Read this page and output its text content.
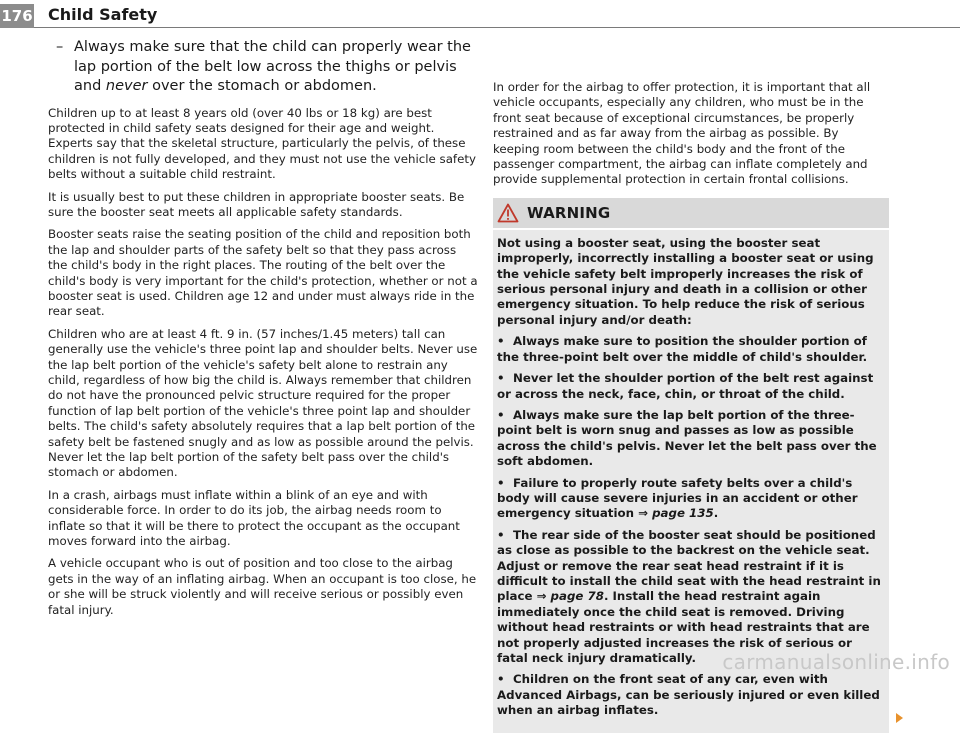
176 Child Safety
– Always make sure that the child can properly wear the lap portion of the belt low across the thighs or pelvis and never over the stomach or abdomen.

Children up to at least 8 years old (over 40 lbs or 18 kg) are best protected in child safety seats designed for their age and weight. Experts say that the skeletal structure, particularly the pelvis, of these children is not fully developed, and they must not use the vehicle safety belts without a suitable child restraint.

It is usually best to put these children in appropriate booster seats. Be sure the booster seat meets all applicable safety standards.

Booster seats raise the seating position of the child and reposition both the lap and shoulder parts of the safety belt so that they pass across the child's body in the right places. The routing of the belt over the child's body is very important for the child's protection, whether or not a booster seat is used. Children age 12 and under must always ride in the rear seat.

Children who are at least 4 ft. 9 in. (57 inches/1.45 meters) tall can generally use the vehicle's three point lap and shoulder belts. Never use the lap belt portion of the vehicle's safety belt alone to restrain any child, regardless of how big the child is. Always remember that children do not have the pronounced pelvic structure required for the proper function of lap belt portion of the vehicle's three point lap and shoulder belts. The child's safety absolutely requires that a lap belt portion of the safety belt be fastened snugly and as low as possible around the pelvis. Never let the lap belt portion of the safety belt pass over the child's stomach or abdomen.

In a crash, airbags must inflate within a blink of an eye and with considerable force. In order to do its job, the airbag needs room to inflate so that it will be there to protect the occupant as the occupant moves forward into the airbag.

A vehicle occupant who is out of position and too close to the airbag gets in the way of an inflating airbag. When an occupant is too close, he or she will be struck violently and will receive serious or possibly even fatal injury.

In order for the airbag to offer protection, it is important that all vehicle occupants, especially any children, who must be in the front seat because of exceptional circumstances, be properly restrained and as far away from the airbag as possible. By keeping room between the child's body and the front of the passenger compartment, the airbag can inflate completely and provide supplemental protection in certain frontal collisions.

WARNING

Not using a booster seat, using the booster seat improperly, incorrectly installing a booster seat or using the vehicle safety belt improperly increases the risk of serious personal injury and death in a collision or other emergency situation. To help reduce the risk of serious personal injury and/or death:

• Always make sure to position the shoulder portion of the three-point belt over the middle of child's shoulder.

• Never let the shoulder portion of the belt rest against or across the neck, face, chin, or throat of the child.

• Always make sure the lap belt portion of the three-point belt is worn snug and passes as low as possible across the child's pelvis. Never let the belt pass over the soft abdomen.

• Failure to properly route safety belts over a child's body will cause severe injuries in an accident or other emergency situation ⇒ page 135.

• The rear side of the booster seat should be positioned as close as possible to the backrest on the vehicle seat. Adjust or remove the rear seat head restraint if it is difficult to install the child seat with the head restraint in place ⇒ page 78. Install the head restraint again immediately once the child seat is removed. Driving without head restraints or with head restraints that are not properly adjusted increases the risk of serious or fatal neck injury dramatically.

• Children on the front seat of any car, even with Advanced Airbags, can be seriously injured or even killed when an airbag inflates.

carmanualsonline.info
